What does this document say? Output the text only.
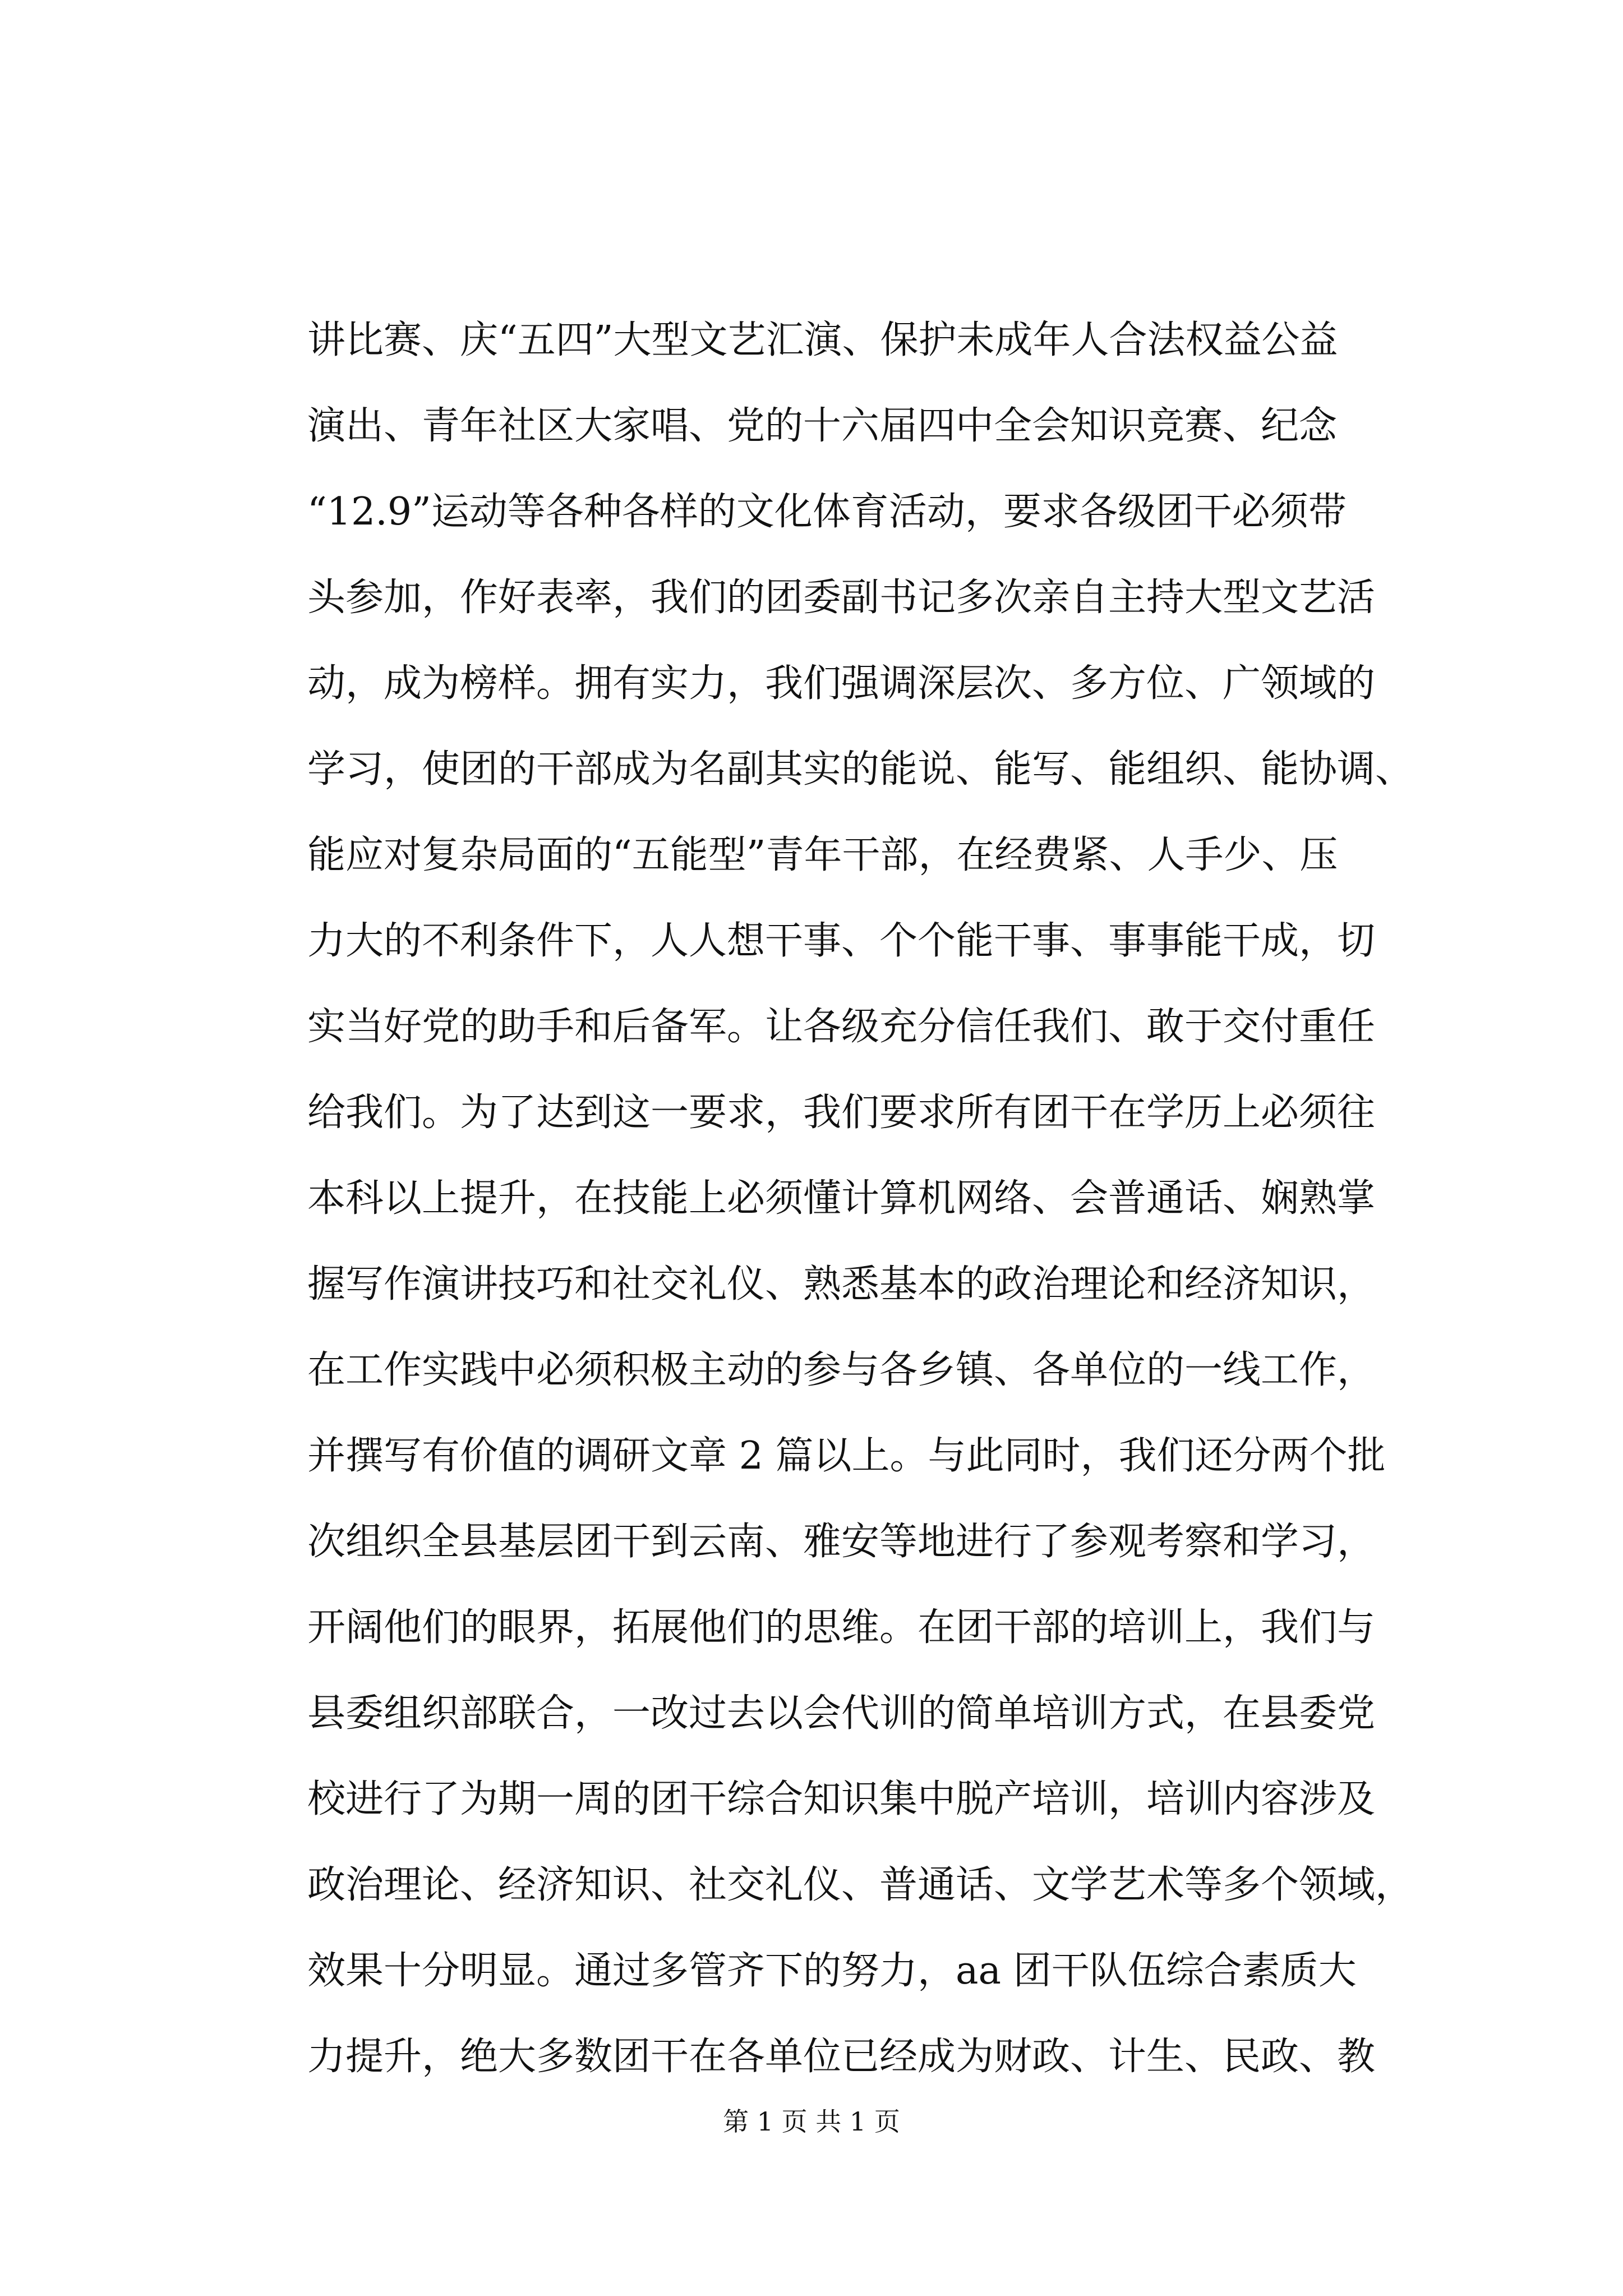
讲比赛、庆“五四”大型文艺汇演、保护未成年人合法权益公益
演出、青年社区大家唱、党的十六届四中全会知识竞赛、纪念
“12.9”运动等各种各样的文化体育活动，要求各级团干必须带
头参加，作好表率，我们的团委副书记多次亲自主持大型文艺活
动，成为榜样。拥有实力，我们强调深层次、多方位、广领域的
学习，使团的干部成为名副其实的能说、能写、能组织、能协调、
能应对复杂局面的“五能型”青年干部，在经费紧、人手少、压
力大的不利条件下，人人想干事、个个能干事、事事能干成，切
实当好党的助手和后备军。让各级充分信任我们、敢于交付重任
给我们。为了达到这一要求，我们要求所有团干在学历上必须往
本科以上提升，在技能上必须懂计算机网络、会普通话、娴熟掌
握写作演讲技巧和社交礼仪、熟悉基本的政治理论和经济知识，
在工作实践中必须积极主动的参与各乡镇、各单位的一线工作，
并撰写有价值的调研文章 2 篇以上。与此同时，我们还分两个批
次组织全县基层团干到云南、雅安等地进行了参观考察和学习，
开阔他们的眼界，拓展他们的思维。在团干部的培训上，我们与
县委组织部联合，一改过去以会代训的简单培训方式，在县委党
校进行了为期一周的团干综合知识集中脱产培训，培训内容涉及
政治理论、经济知识、社交礼仪、普通话、文学艺术等多个领域，
效果十分明显。通过多管齐下的努力，aa 团干队伍综合素质大
力提升，绝大多数团干在各单位已经成为财政、计生、民政、教
第 1 页 共 1 页
